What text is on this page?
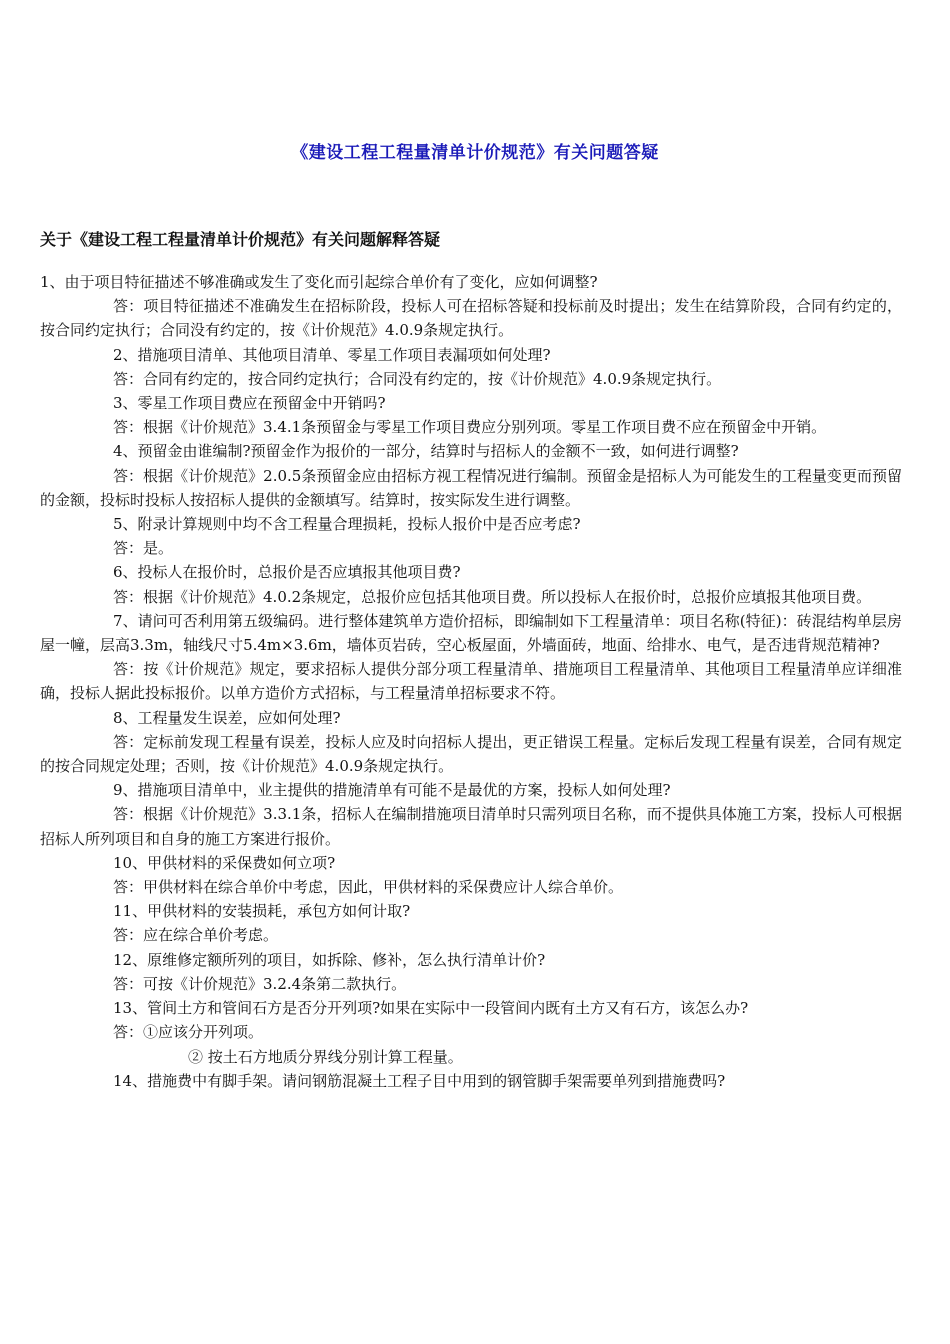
《建设工程工程量清单计价规范》有关问题答疑
关于《建设工程工程量清单计价规范》有关问题解释答疑

1、由于项目特征描述不够准确或发生了变化而引起综合单价有了变化，应如何调整?

答：项目特征描述不准确发生在招标阶段，投标人可在招标答疑和投标前及时提出；发生在结算阶段，合同有约定的，按合同约定执行；合同没有约定的，按《计价规范》4.0.9条规定执行。

2、措施项目清单、其他项目清单、零星工作项目表漏项如何处理?

答：合同有约定的，按合同约定执行；合同没有约定的，按《计价规范》4.0.9条规定执行。

3、零星工作项目费应在预留金中开销吗?

答：根据《计价规范》3.4.1条预留金与零星工作项目费应分别列项。零星工作项目费不应在预留金中开销。

4、预留金由谁编制?预留金作为报价的一部分，结算时与招标人的金额不一致，如何进行调整?

答：根据《计价规范》2.0.5条预留金应由招标方视工程情况进行编制。预留金是招标人为可能发生的工程量变更而预留的金额，投标时投标人按招标人提供的金额填写。结算时，按实际发生进行调整。

5、附录计算规则中均不含工程量合理损耗，投标人报价中是否应考虑?

答：是。

6、投标人在报价时，总报价是否应填报其他项目费?

答：根据《计价规范》4.0.2条规定，总报价应包括其他项目费。所以投标人在报价时，总报价应填报其他项目费。

7、请问可否利用第五级编码。进行整体建筑单方造价招标，即编制如下工程量清单：项目名称(特征)：砖混结构单层房屋一幢，层高3.3m，轴线尺寸5.4m×3.6m，墙体页岩砖，空心板屋面，外墙面砖，地面、给排水、电气，是否违背规范精神?

答：按《计价规范》规定，要求招标人提供分部分项工程量清单、措施项目工程量清单、其他项目工程量清单应详细准确，投标人据此投标报价。以单方造价方式招标，与工程量清单招标要求不符。

8、工程量发生误差，应如何处理?

答：定标前发现工程量有误差，投标人应及时向招标人提出，更正错误工程量。定标后发现工程量有误差，合同有规定的按合同规定处理；否则，按《计价规范》4.0.9条规定执行。

9、措施项目清单中，业主提供的措施清单有可能不是最优的方案，投标人如何处理?

答：根据《计价规范》3.3.1条，招标人在编制措施项目清单时只需列项目名称，而不提供具体施工方案，投标人可根据招标人所列项目和自身的施工方案进行报价。

10、甲供材料的采保费如何立项?

答：甲供材料在综合单价中考虑，因此，甲供材料的采保费应计人综合单价。

11、甲供材料的安装损耗，承包方如何计取?

答：应在综合单价考虑。

12、原维修定额所列的项目，如拆除、修补，怎么执行清单计价?

答：可按《计价规范》3.2.4条第二款执行。

13、管间土方和管间石方是否分开列项?如果在实际中一段管间内既有土方又有石方，该怎么办?

答：①应该分开列项。

② 按土石方地质分界线分别计算工程量。

14、措施费中有脚手架。请问钢筋混凝土工程子目中用到的钢管脚手架需要单列到措施费吗?
